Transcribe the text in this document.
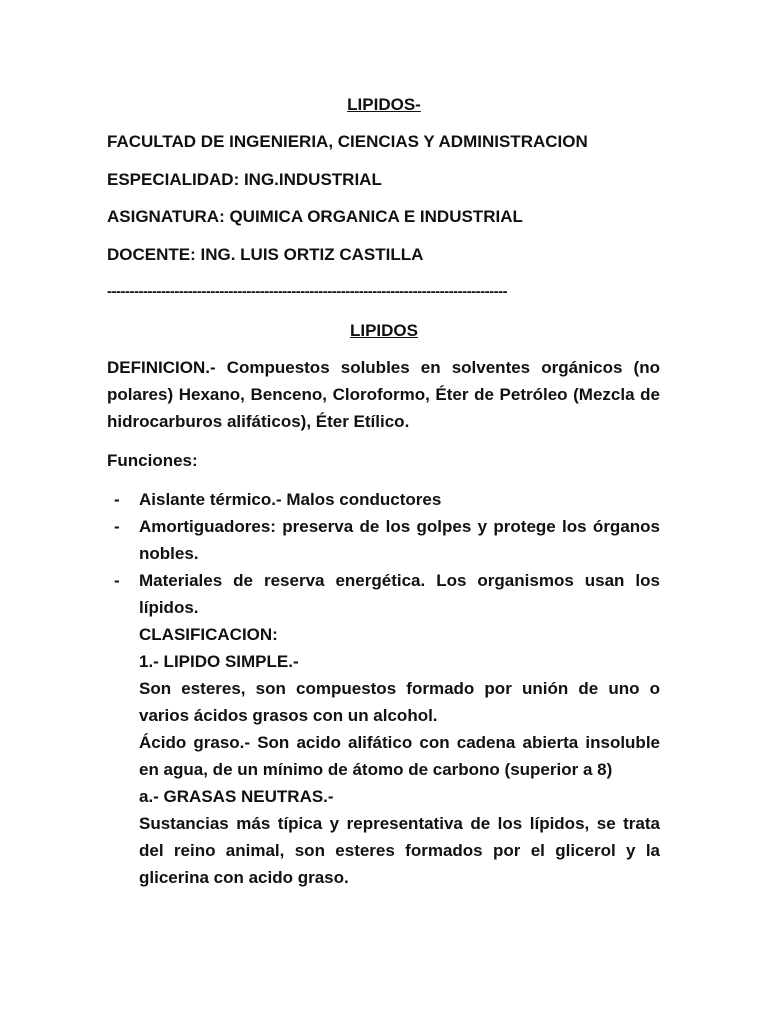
LIPIDOS-
FACULTAD DE INGENIERIA, CIENCIAS Y ADMINISTRACION
ESPECIALIDAD: ING.INDUSTRIAL
ASIGNATURA: QUIMICA ORGANICA E INDUSTRIAL
DOCENTE: ING. LUIS ORTIZ CASTILLA
-----------------------------------------------------------------------------------------
LIPIDOS
DEFINICION.- Compuestos solubles en solventes orgánicos (no polares) Hexano, Benceno, Cloroformo, Éter de Petróleo (Mezcla de hidrocarburos alifáticos), Éter Etílico.
Funciones:
- Aislante térmico.- Malos conductores
- Amortiguadores: preserva de los golpes y protege los órganos nobles.
- Materiales de reserva energética. Los organismos usan los lípidos.

CLASIFICACION:

1.- LIPIDO SIMPLE.-

Son esteres, son compuestos formado por unión de uno o varios ácidos grasos con un alcohol.

Ácido graso.- Son acido alifático con cadena abierta insoluble en agua, de un mínimo de átomo de carbono (superior a 8)

a.- GRASAS NEUTRAS.-

Sustancias más típica y representativa de los lípidos, se trata del reino animal, son esteres formados por el glicerol y la glicerina con acido graso.
